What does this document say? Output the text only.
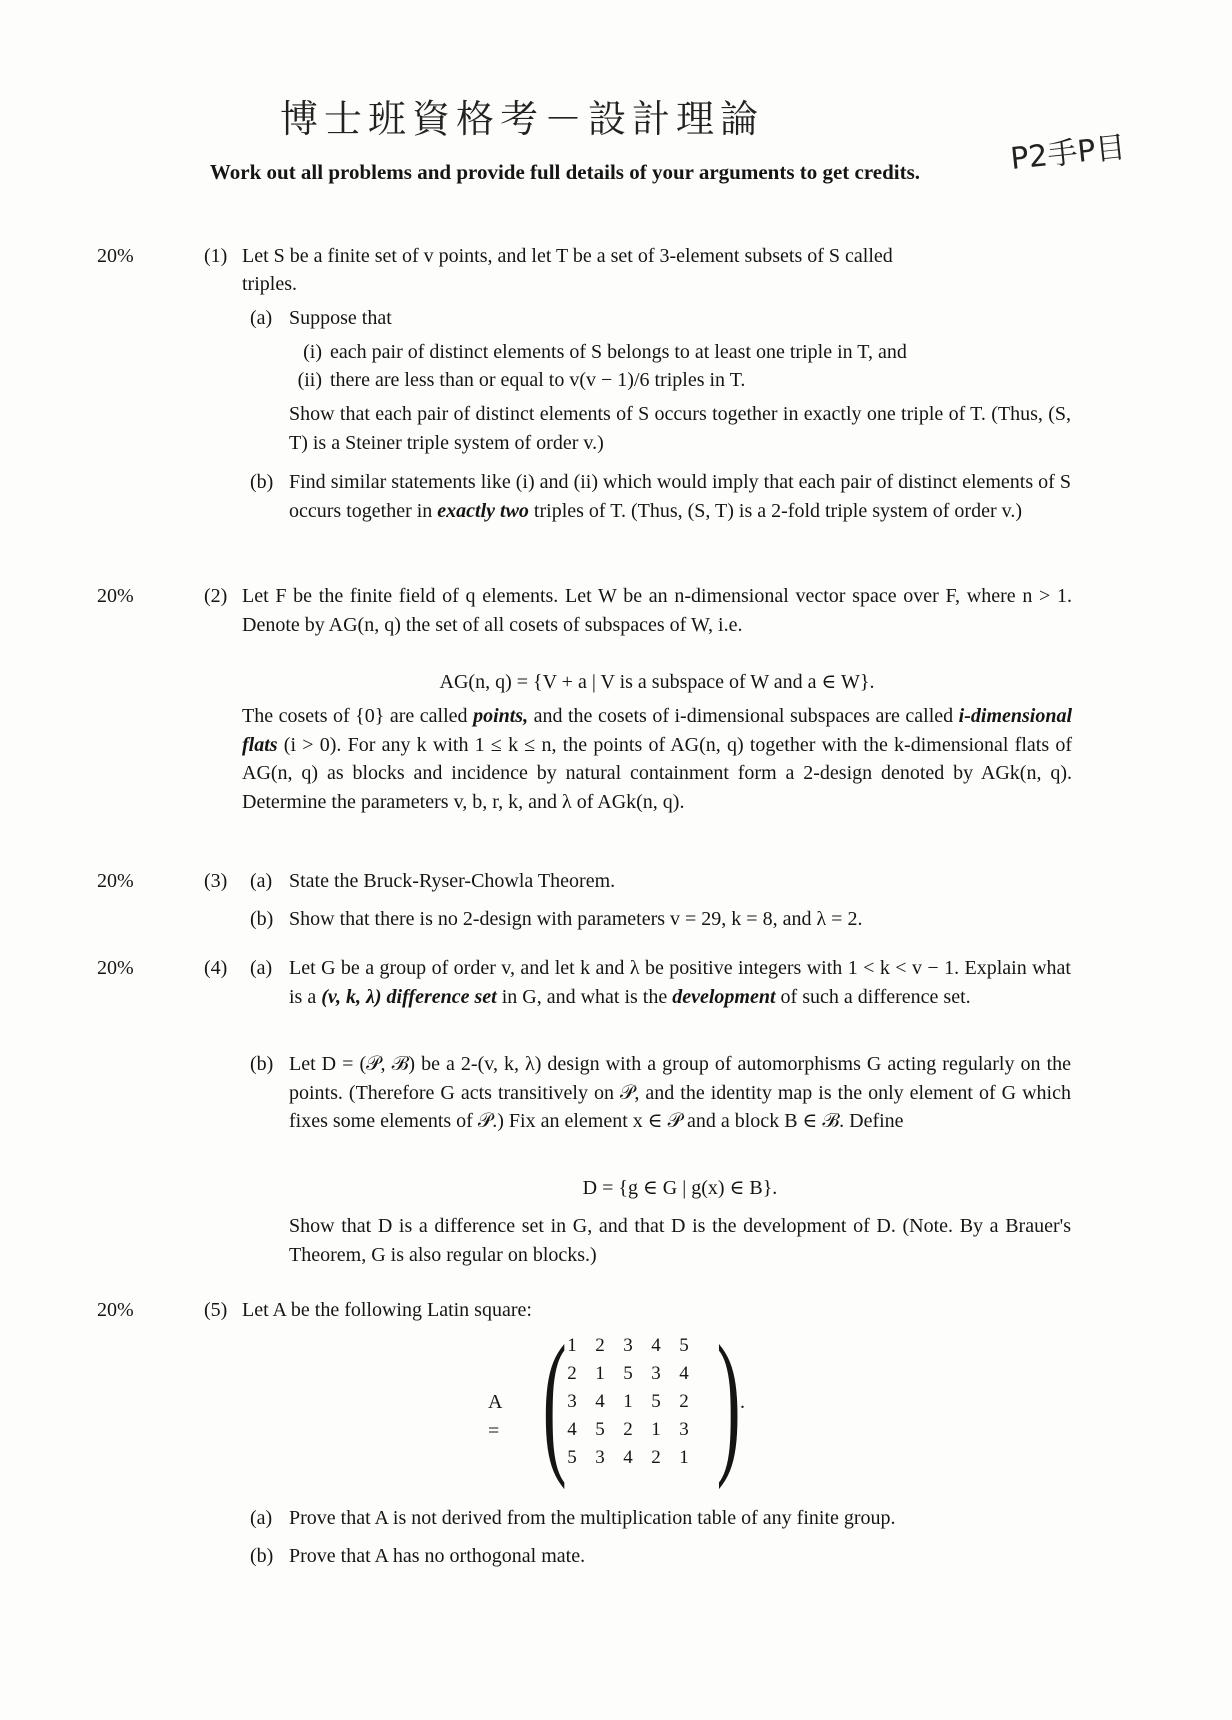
博士班資格考－設計理論
P2手P目
Work out all problems and provide full details of your arguments to get credits.
20%	(1) Let S be a finite set of v points, and let T be a set of 3-element subsets of S called
triples.
(a) Suppose that
(i) each pair of distinct elements of S belongs to at least one triple in T, and
(ii) there are less than or equal to v(v − 1)/6 triples in T.
Show that each pair of distinct elements of S occurs together in exactly one triple of T. (Thus, (S, T) is a Steiner triple system of order v.)
(b) Find similar statements like (i) and (ii) which would imply that each pair of distinct elements of S occurs together in exactly two triples of T. (Thus, (S, T) is a 2-fold triple system of order v.)
20%	(2) Let F be the finite field of q elements. Let W be an n-dimensional vector space over F, where n > 1. Denote by AG(n, q) the set of all cosets of subspaces of W, i.e.
AG(n, q) = {V + a | V is a subspace of W and a ∈ W}.
The cosets of {0} are called points, and the cosets of i-dimensional subspaces are called i-dimensional flats (i > 0). For any k with 1 ≤ k ≤ n, the points of AG(n, q) together with the k-dimensional flats of AG(n, q) as blocks and incidence by natural containment form a 2-design denoted by AGk(n, q). Determine the parameters v, b, r, k, and λ of AGk(n, q).
20%	(3) (a) State the Bruck-Ryser-Chowla Theorem.
(b) Show that there is no 2-design with parameters v = 29, k = 8, and λ = 2.
20%	(4) (a) Let G be a group of order v, and let k and λ be positive integers with 1 < k < v − 1. Explain what is a (v, k, λ) difference set in G, and what is the development of such a difference set.
(b) Let D = (𝒫, ℬ) be a 2-(v, k, λ) design with a group of automorphisms G acting regularly on the points. (Therefore G acts transitively on 𝒫, and the identity map is the only element of G which fixes some elements of 𝒫.) Fix an element x ∈ 𝒫 and a block B ∈ ℬ. Define
D = {g ∈ G | g(x) ∈ B}.
Show that D is a difference set in G, and that D is the development of D. (Note. By a Brauer's Theorem, G is also regular on blocks.)
20%	(5) Let A be the following Latin square:
A = ( 1 2 3 4 5
2 1 5 3 4
3 4 1 5 2
4 5 2 1 3
5 3 4 2 1 ) .
(a) Prove that A is not derived from the multiplication table of any finite group.
(b) Prove that A has no orthogonal mate.
